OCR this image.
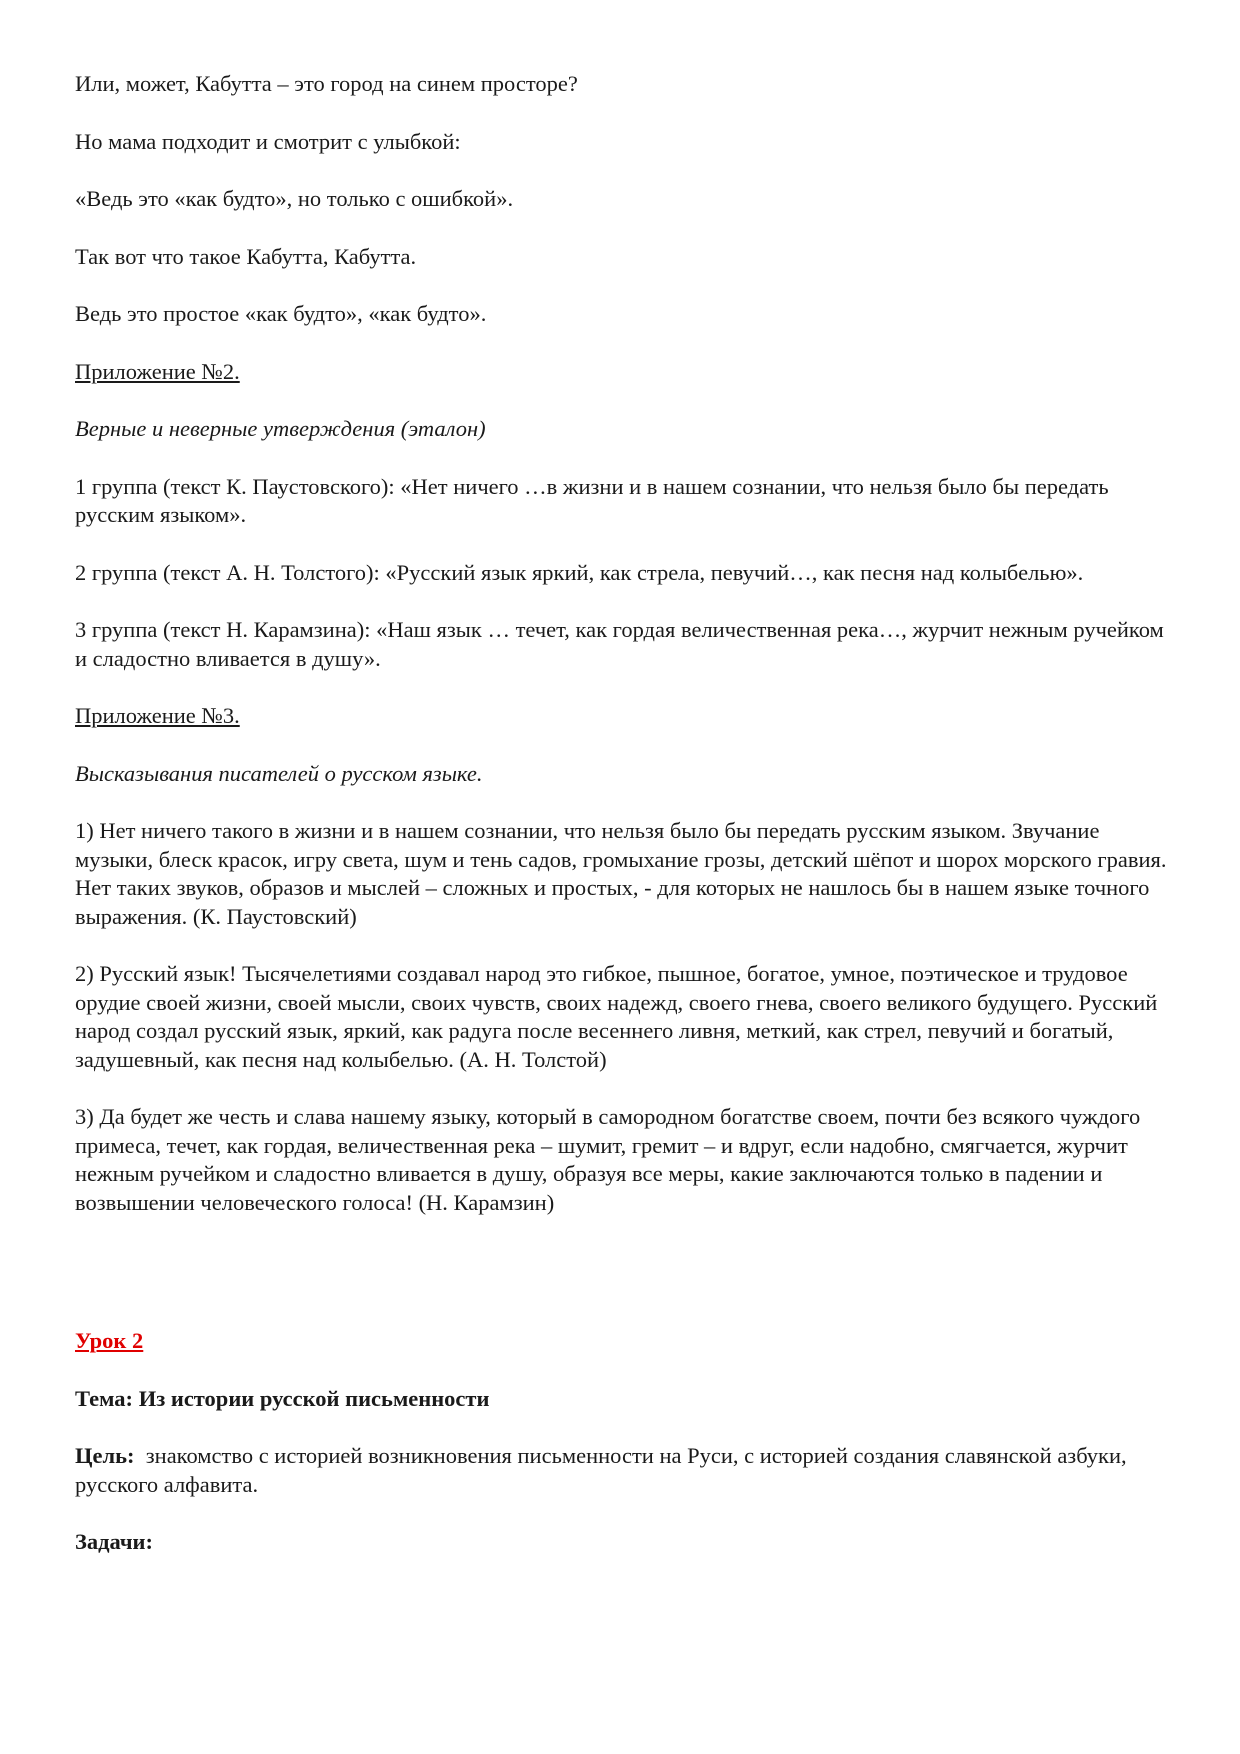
Или, может, Кабутта – это город на синем просторе?

Но мама подходит и смотрит с улыбкой:

«Ведь это «как будто», но только с ошибкой».

Так вот что такое Кабутта, Кабутта.

Ведь это простое «как будто», «как будто».

Приложение №2.

Верные и неверные утверждения (эталон)

1 группа (текст К. Паустовского): «Нет ничего …в жизни и в нашем сознании, что нельзя было бы передать русским языком».

2 группа (текст А. Н. Толстого): «Русский язык яркий, как стрела, певучий…, как песня над колыбелью».

3 группа (текст Н. Карамзина): «Наш язык … течет, как гордая величественная река…, журчит нежным ручейком и сладостно вливается в душу».

Приложение №3.

Высказывания писателей о русском языке.

1) Нет ничего такого в жизни и в нашем сознании, что нельзя было бы передать русским языком. Звучание музыки, блеск красок, игру света, шум и тень садов, громыхание грозы, детский шёпот и шорох морского гравия. Нет таких звуков, образов и мыслей – сложных и простых, - для которых не нашлось бы в нашем языке точного выражения. (К. Паустовский)

2) Русский язык! Тысячелетиями создавал народ это гибкое, пышное, богатое, умное, поэтическое и трудовое орудие своей жизни, своей мысли, своих чувств, своих надежд, своего гнева, своего великого будущего. Русский народ создал русский язык, яркий, как радуга после весеннего ливня, меткий, как стрел, певучий и богатый, задушевный, как песня над колыбелью. (А. Н. Толстой)

3) Да будет же честь и слава нашему языку, который в самородном богатстве своем, почти без всякого чуждого примеса, течет, как гордая, величественная река – шумит, гремит – и вдруг, если надобно, смягчается, журчит нежным ручейком и сладостно вливается в душу, образуя все меры, какие заключаются только в падении и возвышении человеческого голоса! (Н. Карамзин)

Урок 2

Тема: Из истории русской письменности

Цель: знакомство с историей возникновения письменности на Руси, с историей создания славянской азбуки, русского алфавита.

Задачи:
